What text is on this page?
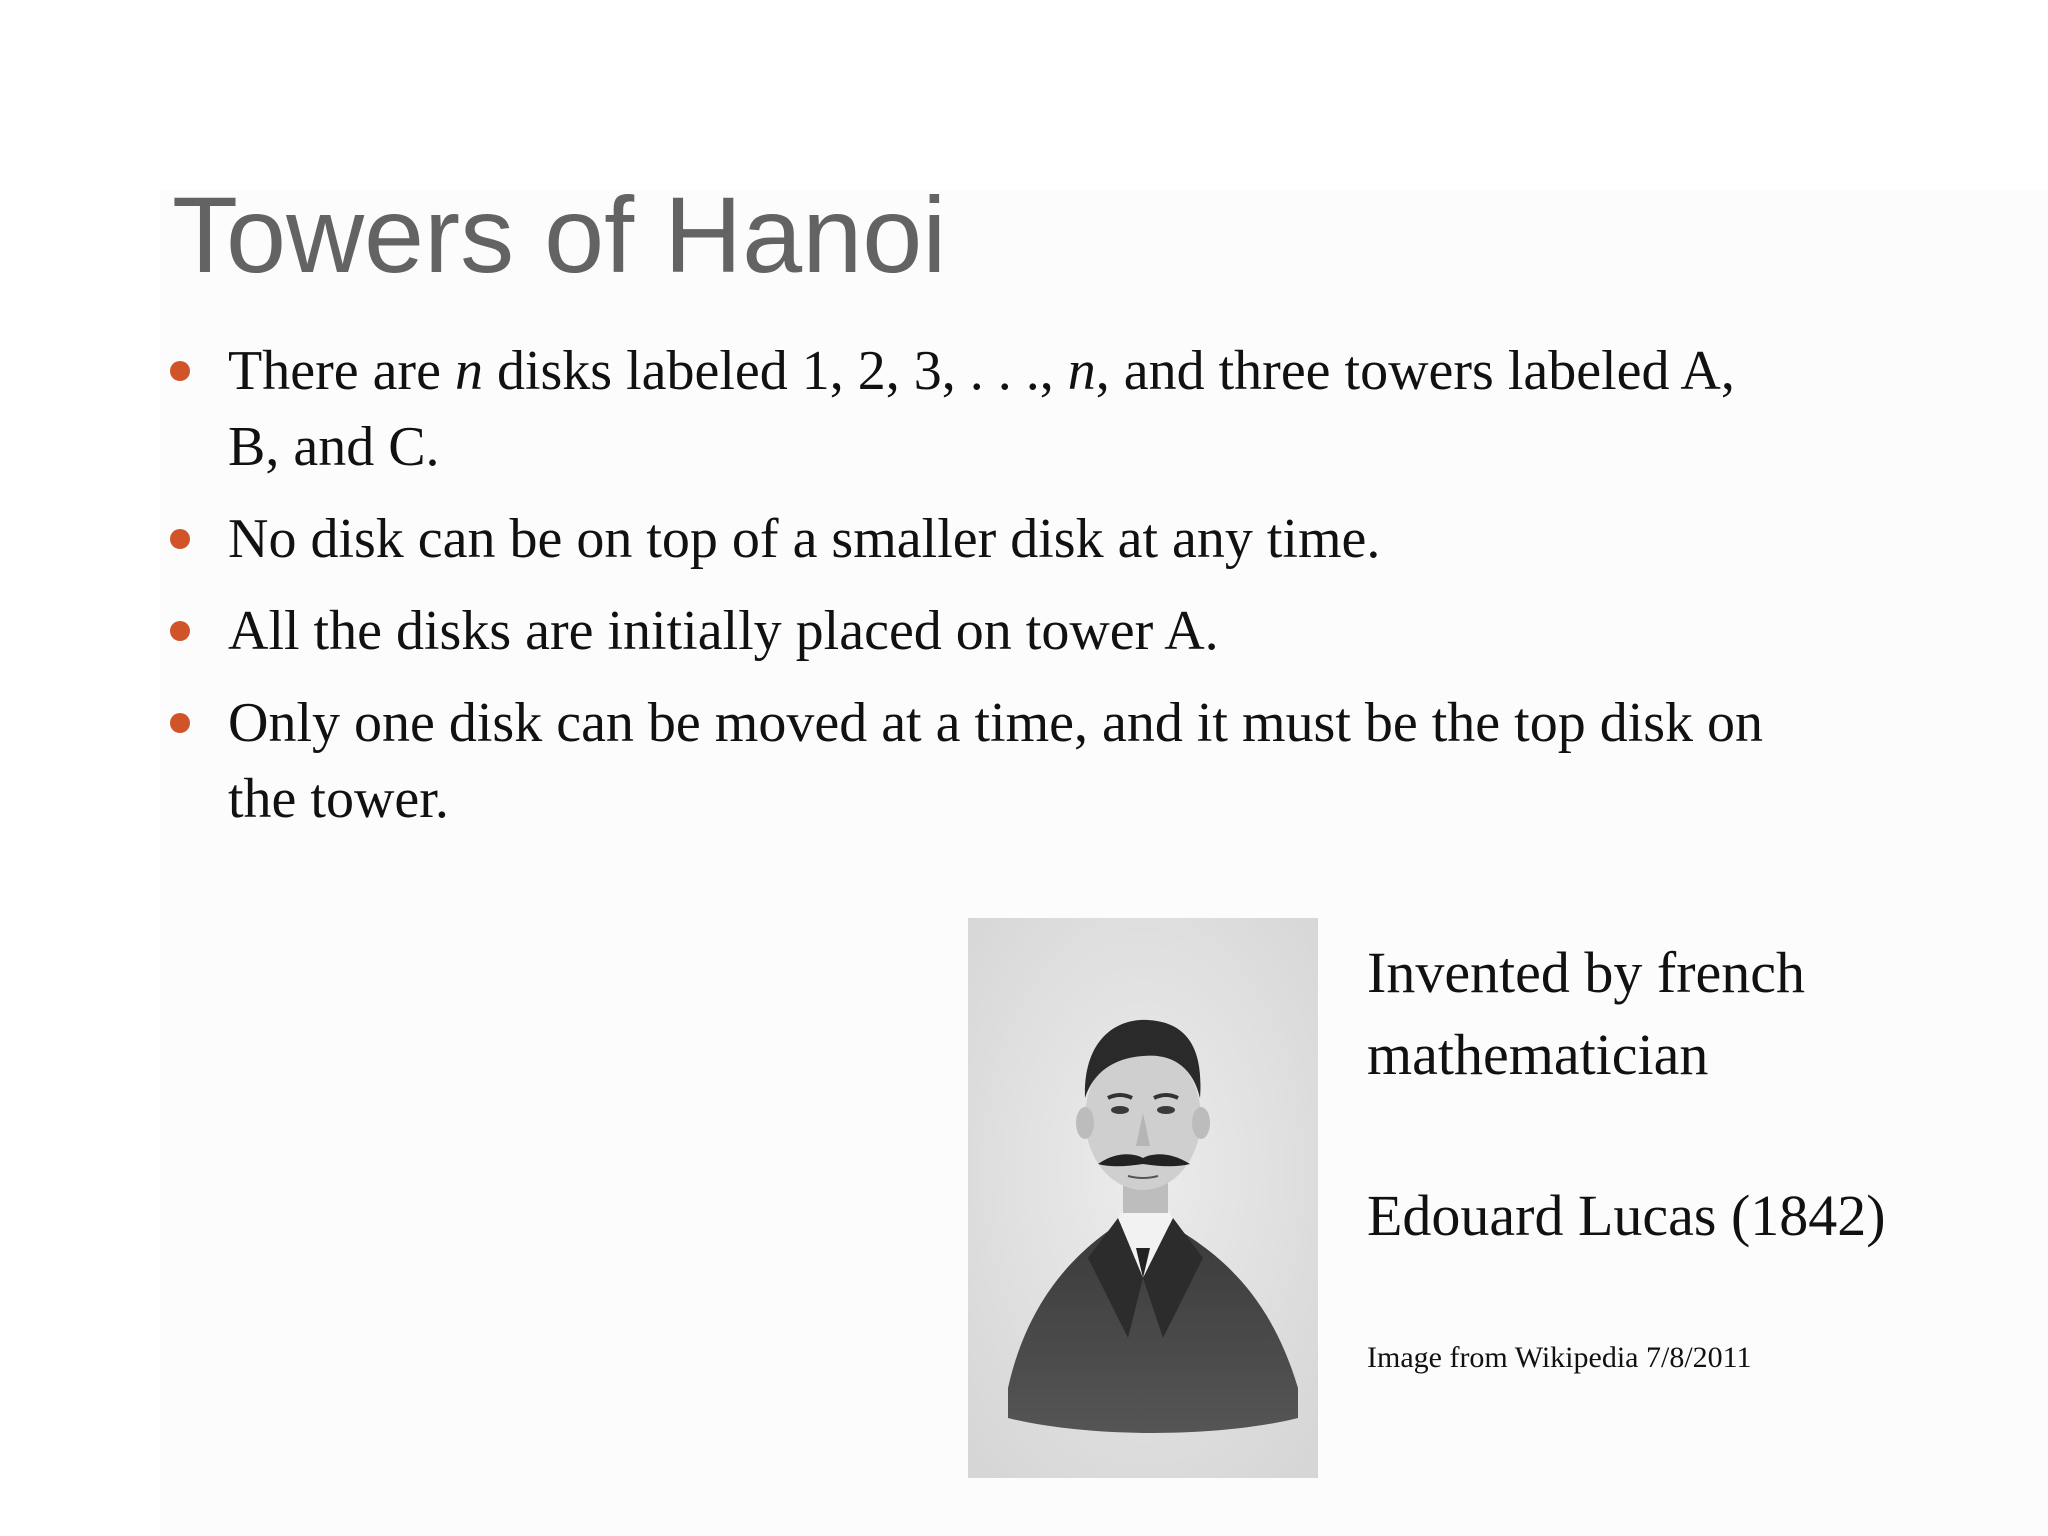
Towers of Hanoi
There are n disks labeled 1, 2, 3, . . ., n, and three towers labeled A, B, and C.
No disk can be on top of a smaller disk at any time.
All the disks are initially placed on tower A.
Only one disk can be moved at a time, and it must be the top disk on the tower.

Invented by french mathematician

Edouard Lucas (1842)

Image from Wikipedia 7/8/2011
